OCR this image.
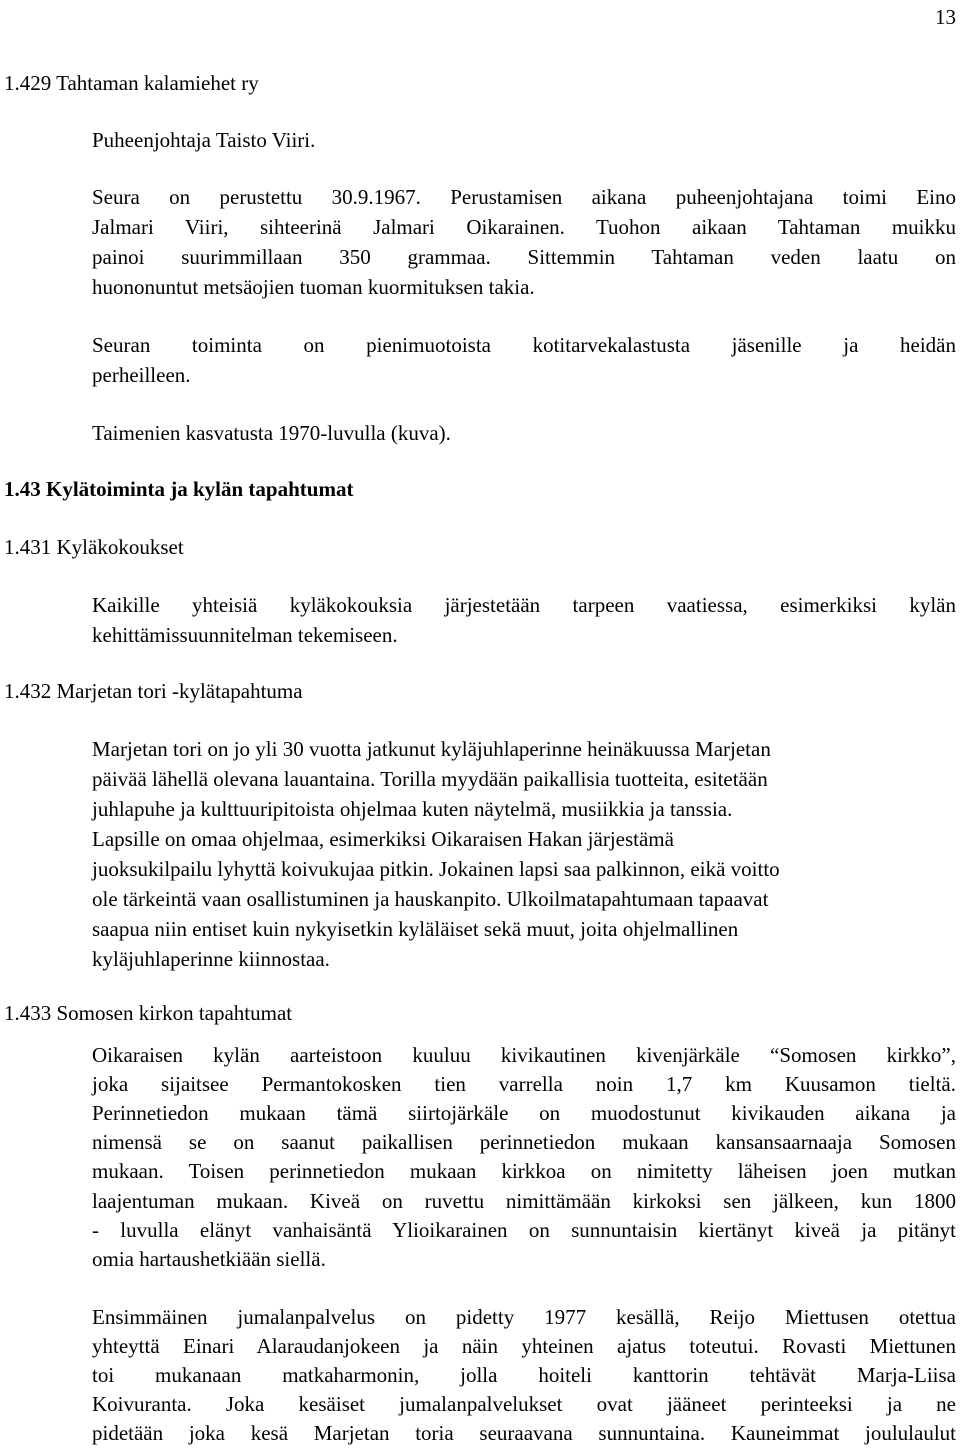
13
1.429 Tahtaman kalamiehet ry
Puheenjohtaja Taisto Viiri.
Seura on perustettu 30.9.1967. Perustamisen aikana puheenjohtajana toimi Eino
Jalmari Viiri, sihteerinä Jalmari Oikarainen. Tuohon aikaan Tahtaman muikku
painoi suurimmillaan 350 grammaa. Sittemmin Tahtaman veden laatu on
huononuntut metsäojien tuoman kuormituksen takia.
Seuran toiminta on pienimuotoista kotitarvekalastusta jäsenille ja heidän
perheilleen.
Taimenien kasvatusta 1970-luvulla (kuva).
1.43 Kylätoiminta ja kylän tapahtumat
1.431 Kyläkokoukset
Kaikille yhteisiä kyläkokouksia järjestetään tarpeen vaatiessa, esimerkiksi kylän
kehittämissuunnitelman tekemiseen.
1.432 Marjetan tori -kylätapahtuma
Marjetan tori on jo yli 30 vuotta jatkunut kyläjuhlaperinne heinäkuussa Marjetan
päivää lähellä olevana lauantaina. Torilla myydään paikallisia tuotteita, esitetään
juhlapuhe ja kulttuuripitoista ohjelmaa kuten näytelmä, musiikkia ja tanssia.
Lapsille on omaa ohjelmaa, esimerkiksi Oikaraisen Hakan järjestämä
juoksukilpailu lyhyttä koivukujaa pitkin. Jokainen lapsi saa palkinnon, eikä voitto
ole tärkeintä vaan osallistuminen ja hauskanpito. Ulkoilmatapahtumaan tapaavat
saapua niin entiset kuin nykyisetkin kyläläiset sekä muut, joita ohjelmallinen
kyläjuhlaperinne kiinnostaa.
1.433 Somosen kirkon tapahtumat
Oikaraisen kylän aarteistoon kuuluu kivikautinen kivenjärkäle “Somosen kirkko”,
joka sijaitsee Permantokosken tien varrella noin 1,7 km Kuusamon tieltä.
Perinnetiedon mukaan tämä siirtojärkäle on muodostunut kivikauden aikana ja
nimensä se on saanut paikallisen perinnetiedon mukaan kansansaarnaaja Somosen
mukaan. Toisen perinnetiedon mukaan kirkkoa on nimitetty läheisen joen mutkan
laajentuman mukaan. Kiveä on ruvettu nimittämään kirkoksi sen jälkeen, kun 1800
- luvulla elänyt vanhaisäntä Ylioikarainen on sunnuntaisin kiertänyt kiveä ja pitänyt
omia hartaushetkiään siellä.
Ensimmäinen jumalanpalvelus on pidetty 1977 kesällä, Reijo Miettusen otettua
yhteyttä Einari Alaraudanjokeen ja näin yhteinen ajatus toteutui. Rovasti Miettunen
toi mukanaan matkaharmonin, jolla hoiteli kanttorin tehtävät Marja-Liisa
Koivuranta. Joka kesäiset jumalanpalvelukset ovat jääneet perinteeksi ja ne
pidetään joka kesä Marjetan toria seuraavana sunnuntaina. Kauneimmat joululaulut
